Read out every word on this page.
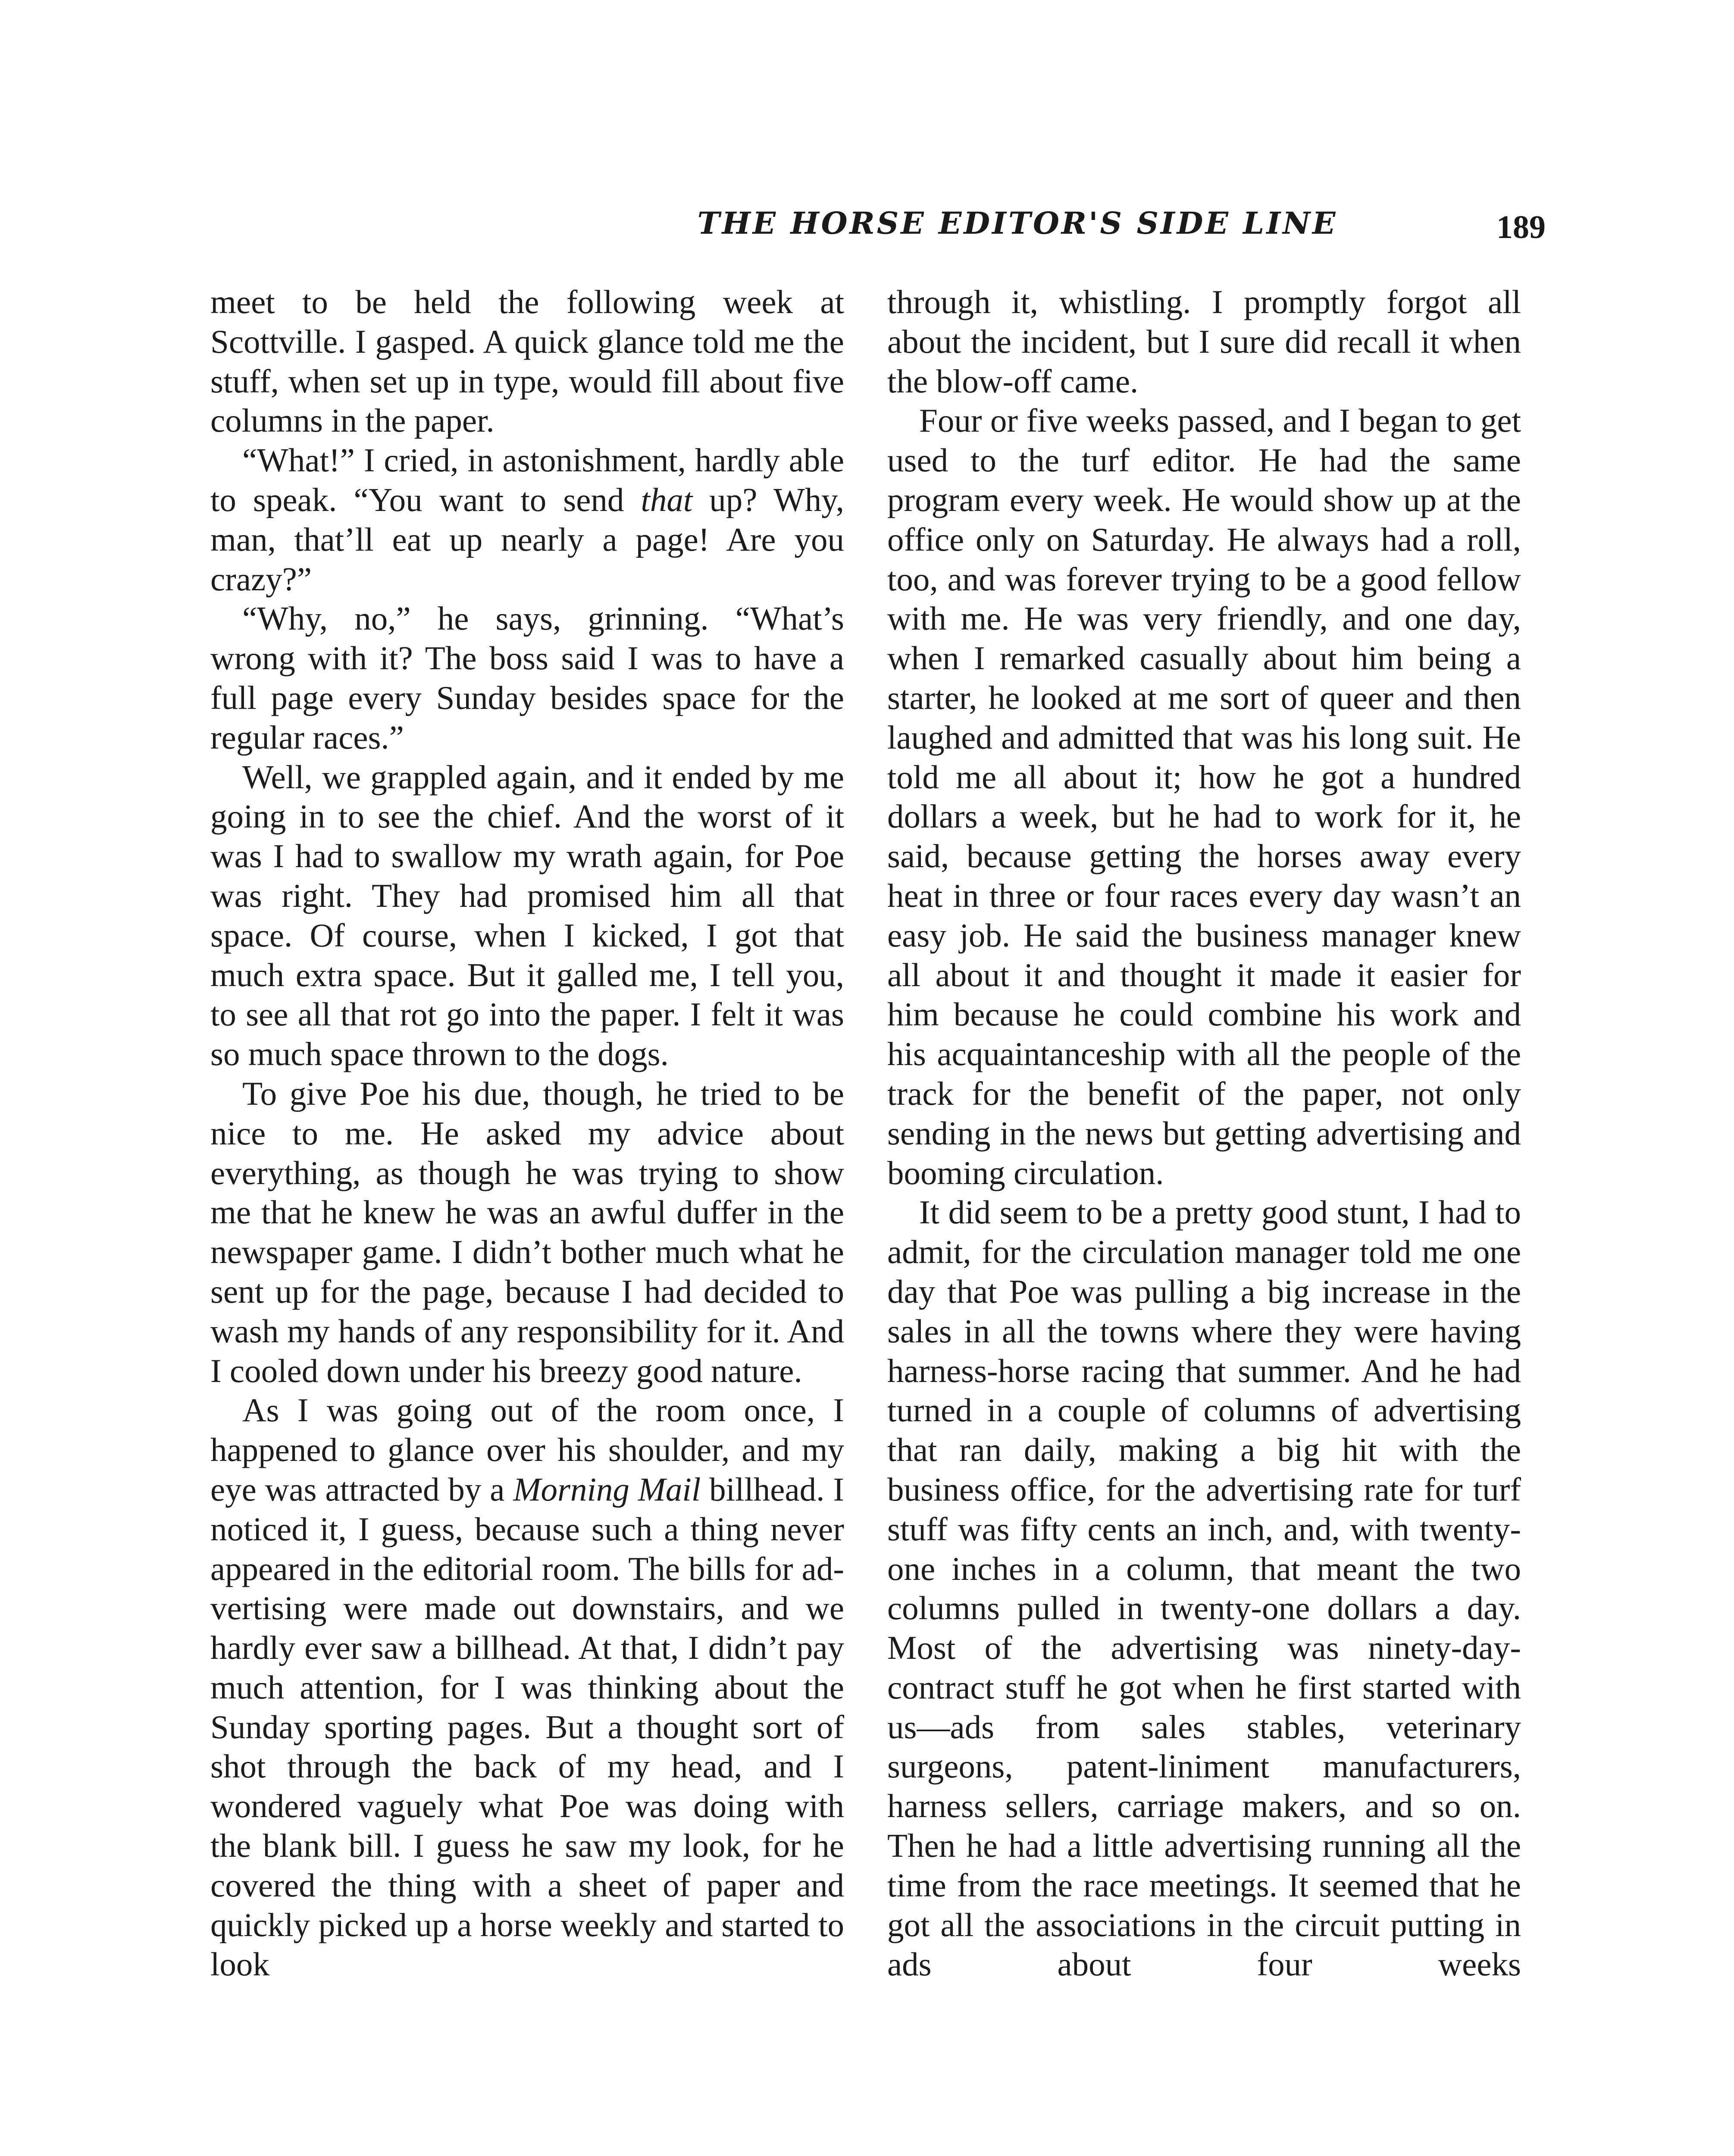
THE HORSE EDITOR'S SIDE LINE	189

meet to be held the following week at Scottville. I gasped. A quick glance told me the stuff, when set up in type, would fill about five columns in the paper.

“What!” I cried, in astonishment, hardly able to speak. “You want to send that up? Why, man, that’ll eat up nearly a page! Are you crazy?”

“Why, no,” he says, grinning. “What’s wrong with it? The boss said I was to have a full page every Sunday besides space for the regular races.”

Well, we grappled again, and it ended by me going in to see the chief. And the worst of it was I had to swallow my wrath again, for Poe was right. They had promised him all that space. Of course, when I kicked, I got that much extra space. But it galled me, I tell you, to see all that rot go into the paper. I felt it was so much space thrown to the dogs.

To give Poe his due, though, he tried to be nice to me. He asked my advice about everything, as though he was trying to show me that he knew he was an awful duffer in the newspaper game. I didn’t bother much what he sent up for the page, because I had decided to wash my hands of any responsibility for it. And I cooled down under his breezy good nature.

As I was going out of the room once, I happened to glance over his shoulder, and my eye was attracted by a Morning Mail billhead. I noticed it, I guess, because such a thing never appeared in the editorial room. The bills for advertising were made out downstairs, and we hardly ever saw a billhead. At that, I didn’t pay much attention, for I was thinking about the Sunday sporting pages. But a thought sort of shot through the back of my head, and I wondered vaguely what Poe was doing with the blank bill. I guess he saw my look, for he covered the thing with a sheet of paper and quickly picked up a horse weekly and started to look

through it, whistling. I promptly forgot all about the incident, but I sure did recall it when the blow-off came.

Four or five weeks passed, and I began to get used to the turf editor. He had the same program every week. He would show up at the office only on Saturday. He always had a roll, too, and was forever trying to be a good fellow with me. He was very friendly, and one day, when I remarked casually about him being a starter, he looked at me sort of queer and then laughed and admitted that was his long suit. He told me all about it; how he got a hundred dollars a week, but he had to work for it, he said, because getting the horses away every heat in three or four races every day wasn’t an easy job. He said the business manager knew all about it and thought it made it easier for him because he could combine his work and his acquaintanceship with all the people of the track for the benefit of the paper, not only sending in the news but getting advertising and booming circulation.

It did seem to be a pretty good stunt, I had to admit, for the circulation manager told me one day that Poe was pulling a big increase in the sales in all the towns where they were having harness-horse racing that summer. And he had turned in a couple of columns of advertising that ran daily, making a big hit with the business office, for the advertising rate for turf stuff was fifty cents an inch, and, with twenty-one inches in a column, that meant the two columns pulled in twenty-one dollars a day. Most of the advertising was ninety-day-contract stuff he got when he first started with us—ads from sales stables, veterinary surgeons, patent-liniment manufacturers, harness sellers, carriage makers, and so on. Then he had a little advertising running all the time from the race meetings. It seemed that he got all the associations in the circuit putting in ads about four weeks
